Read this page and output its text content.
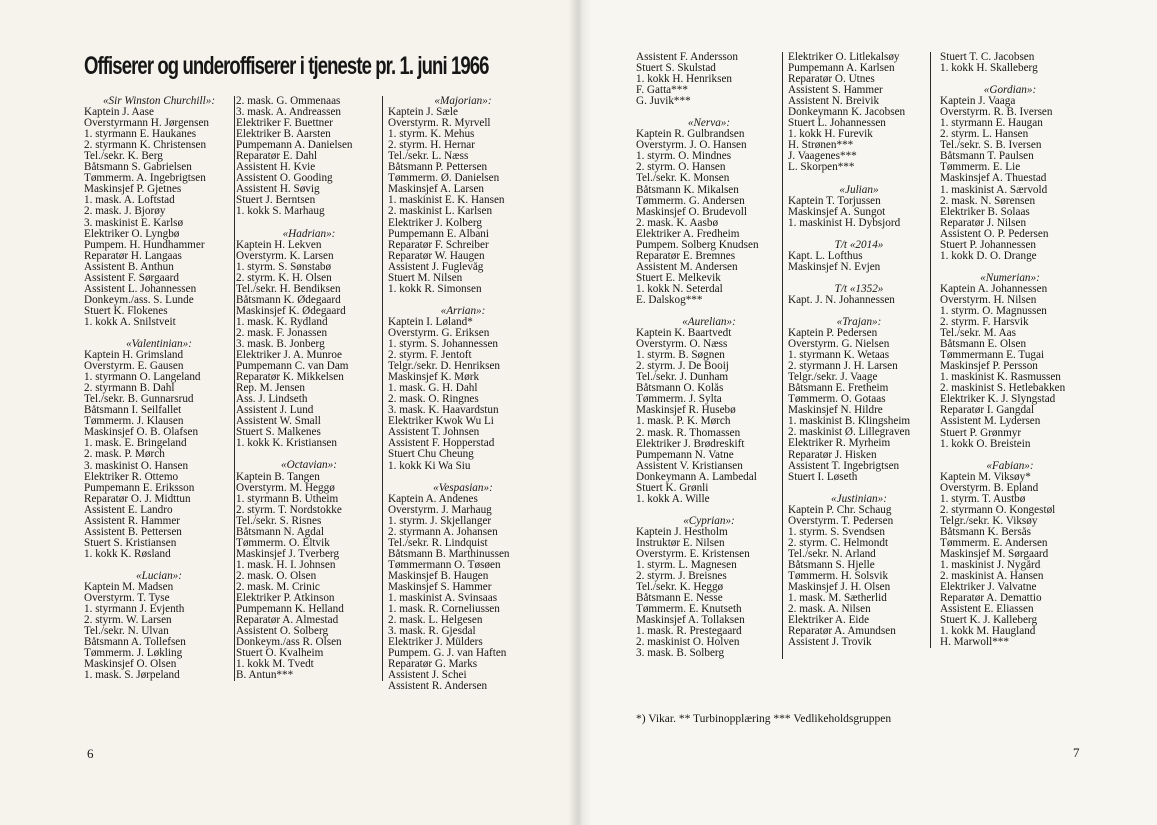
Offiserer og underoffiserer i tjeneste pr. 1. juni 1966
«Sir Winston Churchill»:
Kaptein J. Aase
Overstyrmann H. Jørgensen
1. styrmann E. Haukanes
2. styrmann K. Christensen
Tel./sekr. K. Berg
Båtsmann S. Gabrielsen
Tømmerm. A. Ingebrigtsen
Maskinsjef P. Gjetnes
1. mask. A. Loftstad
2. mask. J. Bjorøy
3. maskinist E. Karlsø
Elektriker O. Lyngbø
Pumpem. H. Hundhammer
Reparatør H. Langaas
Assistent B. Anthun
Assistent F. Sørgaard
Assistent L. Johannessen
Donkeym./ass. S. Lunde
Stuert K. Flokenes
1. kokk A. Snilstveit
«Valentinian»:
Kaptein H. Grimsland
Overstyrm. E. Gausen
1. styrmann O. Langeland
2. styrmann B. Dahl
Tel./sekr. B. Gunnarsrud
Båtsmann I. Seilfallet
Tømmerm. J. Klausen
Maskinsjef O. B. Olafsen
1. mask. E. Bringeland
2. mask. P. Mørch
3. maskinist O. Hansen
Elektriker R. Ottemo
Pumpemann E. Eriksson
Reparatør O. J. Midttun
Assistent E. Landro
Assistent R. Hammer
Assistent B. Pettersen
Stuert S. Kristiansen
1. kokk K. Røsland
«Lucian»:
Kaptein M. Madsen
Overstyrm. T. Tyse
1. styrmann J. Evjenth
2. styrm. W. Larsen
Tel./sekr. N. Ulvan
Båtsmann A. Tollefsen
Tømmerm. J. Løkling
Maskinsjef O. Olsen
1. mask. S. Jørpeland
2. mask. G. Ommenaas
3. mask. A. Andreassen
Elektriker F. Buettner
Elektriker B. Aarsten
Pumpemann A. Danielsen
Reparatør E. Dahl
Assistent H. Kvie
Assistent O. Gooding
Assistent H. Søvig
Stuert J. Berntsen
1. kokk S. Marhaug
«Hadrian»:
Kaptein H. Lekven
Overstyrm. K. Larsen
1. styrm. S. Sønstabø
2. styrm. K. H. Olsen
Tel./sekr. H. Bendiksen
Båtsmann K. Ødegaard
Maskinsjef K. Ødegaard
1. mask. K. Rydland
2. mask. F. Jonassen
3. mask. B. Jonberg
Elektriker J. A. Munroe
Pumpemann C. van Dam
Reparatør K. Mikkelsen
Rep. M. Jensen
Ass. J. Lindseth
Assistent J. Lund
Assistent W. Small
Stuert S. Malkenes
1. kokk K. Kristiansen
«Octavian»:
Kaptein B. Tangen
Overstyrm. M. Heggø
1. styrmann B. Utheim
2. styrm. T. Nordstokke
Tel./sekr. S. Risnes
Båtsmann N. Agdal
Tømmerm. O. Eltvik
Maskinsjef J. Tverberg
1. mask. H. I. Johnsen
2. mask. O. Olsen
2. mask. M. Crinic
Elektriker P. Atkinson
Pumpemann K. Helland
Reparatør A. Almestad
Assistent O. Solberg
Donkeym./ass R. Olsen
Stuert O. Kvalheim
1. kokk M. Tvedt
B. Antun***
«Majorian»:
Kaptein J. Sæle
Overstyrm. R. Myrvell
1. styrm. K. Mehus
2. styrm. H. Hernar
Tel./sekr. L. Næss
Båtsmann P. Pettersen
Tømmerm. Ø. Danielsen
Maskinsjef A. Larsen
1. maskinist E. K. Hansen
2. maskinist L. Karlsen
Elektriker J. Kolberg
Pumpemann E. Albani
Reparatør F. Schreiber
Reparatør W. Haugen
Assistent J. Fuglevåg
Stuert M. Nilsen
1. kokk R. Simonsen
«Arrian»:
Kaptein I. Løland*
Overstyrm. G. Eriksen
1. styrm. S. Johannessen
2. styrm. F. Jentoft
Telgr./sekr. D. Henriksen
Maskinsjef K. Mørk
1. mask. G. H. Dahl
2. mask. O. Ringnes
3. mask. K. Haavardstun
Elektriker Kwok Wu Li
Assistent T. Johnsen
Assistent F. Hopperstad
Stuert Chu Cheung
1. kokk Ki Wa Siu
«Vespasian»:
Kaptein A. Andenes
Overstyrm. J. Marhaug
1. styrm. J. Skjellanger
2. styrmann A. Johansen
Tel./sekr. R. Lindquist
Båtsmann B. Marthinussen
Tømmermann O. Tøsøen
Maskinsjef B. Haugen
Maskinsjef S. Hammer
1. maskinist A. Svinsaas
1. mask. R. Corneliussen
2. mask. L. Helgesen
3. mask. R. Gjesdal
Elektriker J. Mülders
Pumpem. G. J. van Haften
Reparatør G. Marks
Assistent J. Schei
Assistent R. Andersen
Assistent F. Andersson
Stuert S. Skulstad
1. kokk H. Henriksen
F. Gatta***
G. Juvik***
«Nerva»:
Kaptein R. Gulbrandsen
Overstyrm. J. O. Hansen
1. styrm. O. Mindnes
2. styrm. O. Hansen
Tel./sekr. K. Monsen
Båtsmann K. Mikalsen
Tømmerm. G. Andersen
Maskinsjef O. Brudevoll
2. mask. K. Aasbø
Elektriker A. Fredheim
Pumpem. Solberg Knudsen
Reparatør E. Bremnes
Assistent M. Andersen
Stuert E. Melkevik
1. kokk N. Seterdal
E. Dalskog***
«Aurelian»:
Kaptein K. Baartvedt
Overstyrm. O. Næss
1. styrm. B. Søgnen
2. styrm. J. De Booij
Tel./sekr. J. Dunham
Båtsmann O. Kolås
Tømmerm. J. Sylta
Maskinsjef R. Husebø
1. mask. P. K. Mørch
2. mask. R. Thomassen
Elektriker J. Brødreskift
Pumpemann N. Vatne
Assistent V. Kristiansen
Donkeymann A. Lambedal
Stuert K. Grønli
1. kokk A. Wille
«Cyprian»:
Kaptein J. Hestholm
Instruktør E. Nilsen
Overstyrm. E. Kristensen
1. styrm. L. Magnesen
2. styrm. J. Breisnes
Tel./sekr. K. Heggø
Båtsmann E. Nesse
Tømmerm. E. Knutseth
Maskinsjef A. Tollaksen
1. mask. R. Prestegaard
2. maskinist O. Holven
3. mask. B. Solberg
Elektriker O. Litlekalsøy
Pumpemann A. Karlsen
Reparatør O. Utnes
Assistent S. Hammer
Assistent N. Breivik
Donkeymann K. Jacobsen
Stuert L. Johannessen
1. kokk H. Furevik
H. Strønen***
J. Vaagenes***
L. Skorpen***
«Julian»
Kaptein T. Torjussen
Maskinsjef A. Sungot
1. maskinist H. Dybsjord
T/t «2014»
Kapt. L. Lofthus
Maskinsjef N. Evjen
T/t «1352»
Kapt. J. N. Johannessen
«Trajan»:
Kaptein P. Pedersen
Overstyrm. G. Nielsen
1. styrmann K. Wetaas
2. styrmann J. H. Larsen
Telgr./sekr. J. Vaage
Båtsmann E. Fretheim
Tømmerm. O. Gotaas
Maskinsjef N. Hildre
1. maskinist B. Klingsheim
2. maskinist Ø. Lillegraven
Elektriker R. Myrheim
Reparatør J. Hisken
Assistent T. Ingebrigtsen
Stuert I. Løseth
«Justinian»:
Kaptein P. Chr. Schaug
Overstyrm. T. Pedersen
1. styrm. S. Svendsen
2. styrm. C. Helmondt
Tel./sekr. N. Arland
Båtsmann S. Hjelle
Tømmerm. H. Solsvik
Maskinsjef J. H. Olsen
1. mask. M. Sætherlid
2. mask. A. Nilsen
Elektriker A. Eide
Reparatør A. Amundsen
Assistent J. Trovik
Stuert T. C. Jacobsen
1. kokk H. Skalleberg
«Gordian»:
Kaptein J. Vaaga
Overstyrm. R. B. Iversen
1. styrmann E. Haugan
2. styrm. L. Hansen
Tel./sekr. S. B. Iversen
Båtsmann T. Paulsen
Tømmerm. E. Lie
Maskinsjef A. Thuestad
1. maskinist A. Særvold
2. mask. N. Sørensen
Elektriker B. Solaas
Reparatør J. Nilsen
Assistent O. P. Pedersen
Stuert P. Johannessen
1. kokk D. O. Drange
«Numerian»:
Kaptein A. Johannessen
Overstyrm. H. Nilsen
1. styrm. O. Magnussen
2. styrm. F. Harsvik
Tel./sekr. M. Aas
Båtsmann E. Olsen
Tømmermann E. Tugai
Maskinsjef P. Persson
1. maskinist K. Rasmussen
2. maskinist S. Hetlebakken
Elektriker K. J. Slyngstad
Reparatør I. Gangdal
Assistent M. Lydersen
Stuert P. Grønmyr
1. kokk O. Breistein
«Fabian»:
Kaptein M. Viksøy*
Overstyrm. B. Epland
1. styrm. T. Austbø
2. styrmann O. Kongestøl
Telgr./sekr. K. Viksøy
Båtsmann K. Bersås
Tømmerm. E. Andersen
Maskinsjef M. Sørgaard
1. maskinist J. Nygård
2. maskinist A. Hansen
Elektriker J. Valvatne
Reparatør A. Demattio
Assistent E. Eliassen
Stuert K. J. Kalleberg
1. kokk M. Haugland
H. Marwoll***
*) Vikar. ** Turbinopplæring *** Vedlikeholdsgruppen
6	7
